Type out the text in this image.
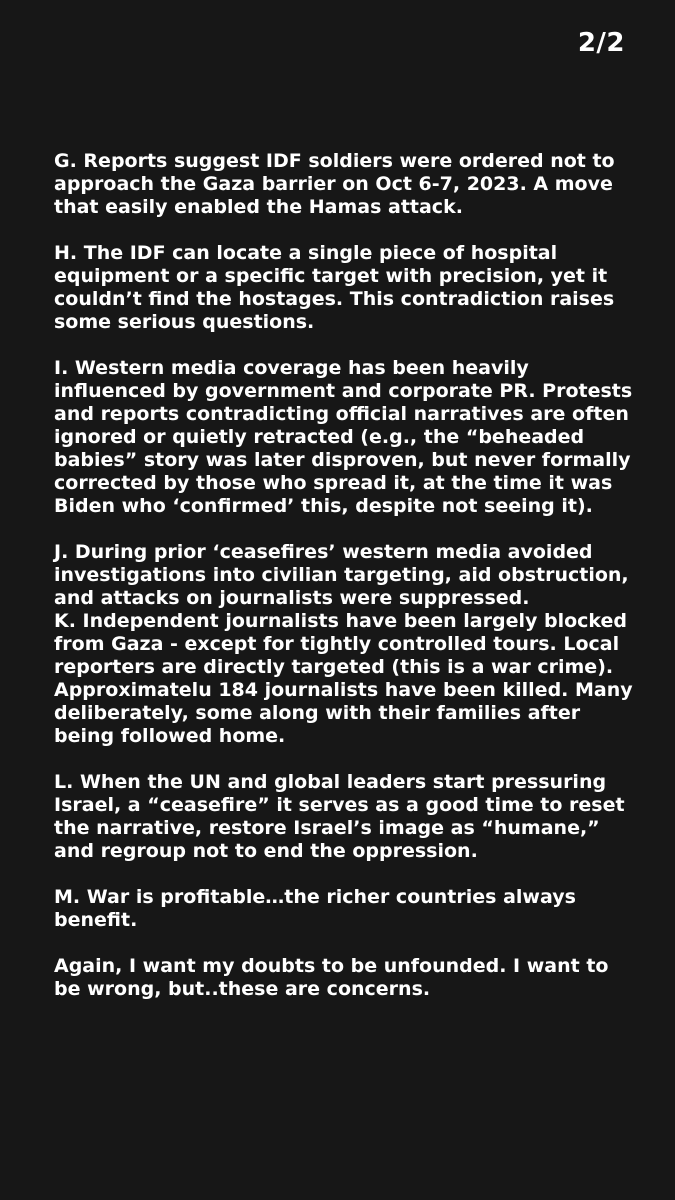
2/2

G. Reports suggest IDF soldiers were ordered not to approach the Gaza barrier on Oct 6-7, 2023. A move that easily enabled the Hamas attack.

H. The IDF can locate a single piece of hospital equipment or a specific target with precision, yet it couldn’t find the hostages. This contradiction raises some serious questions.

I. Western media coverage has been heavily influenced by government and corporate PR. Protests and reports contradicting official narratives are often ignored or quietly retracted (e.g., the “beheaded babies” story was later disproven, but never formally corrected by those who spread it, at the time it was Biden who ‘confirmed’ this, despite not seeing it).

J. During prior ‘ceasefires’ western media avoided investigations into civilian targeting, aid obstruction, and attacks on journalists were suppressed.

K. Independent journalists have been largely blocked from Gaza - except for tightly controlled tours. Local reporters are directly targeted (this is a war crime). Approximatelu 184 journalists have been killed. Many deliberately, some along with their families after being followed home.

L. When the UN and global leaders start pressuring Israel, a “ceasefire” it serves as a good time to reset the narrative, restore Israel’s image as “humane,” and regroup not to end the oppression.

M. War is profitable…the richer countries always benefit.

Again, I want my doubts to be unfounded. I want to be wrong, but..these are concerns.
